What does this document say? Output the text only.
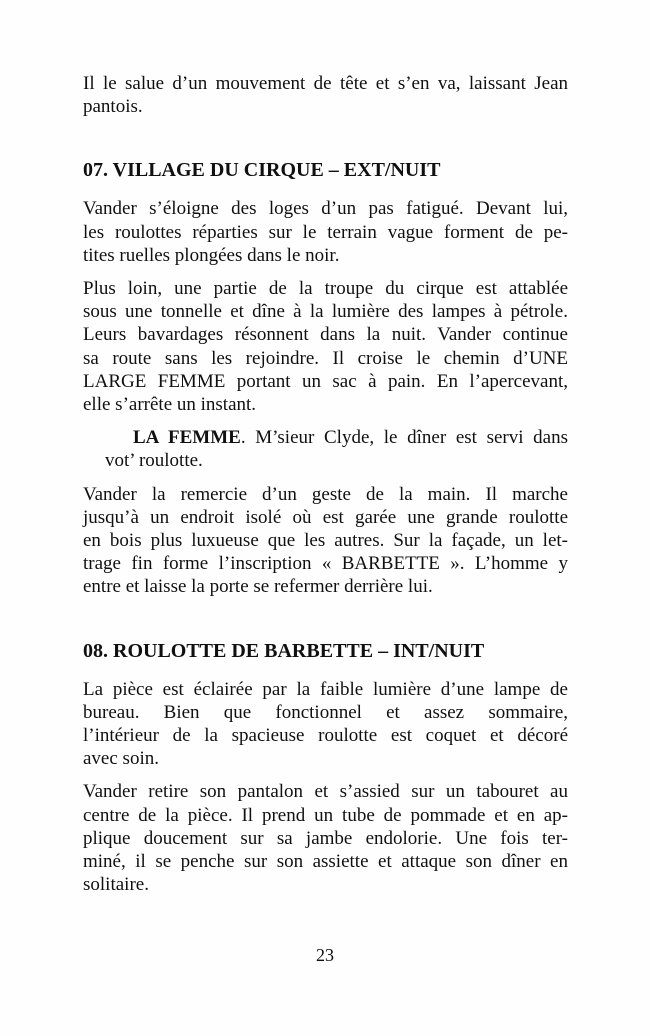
Il le salue d’un mouvement de tête et s’en va, laissant Jean
pantois.
07. VILLAGE DU CIRQUE – EXT/NUIT
Vander s’éloigne des loges d’un pas fatigué. Devant lui,
les roulottes réparties sur le terrain vague forment de pe-
tites ruelles plongées dans le noir.
Plus loin, une partie de la troupe du cirque est attablée
sous une tonnelle et dîne à la lumière des lampes à pétrole.
Leurs bavardages résonnent dans la nuit. Vander continue
sa route sans les rejoindre. Il croise le chemin d’UNE
LARGE FEMME portant un sac à pain. En l’apercevant,
elle s’arrête un instant.
LA FEMME. M’sieur Clyde, le dîner est servi dans
vot’ roulotte.
Vander la remercie d’un geste de la main. Il marche
jusqu’à un endroit isolé où est garée une grande roulotte
en bois plus luxueuse que les autres. Sur la façade, un let-
trage fin forme l’inscription « BARBETTE ». L’homme y
entre et laisse la porte se refermer derrière lui.
08. ROULOTTE DE BARBETTE – INT/NUIT
La pièce est éclairée par la faible lumière d’une lampe de
bureau. Bien que fonctionnel et assez sommaire,
l’intérieur de la spacieuse roulotte est coquet et décoré
avec soin.
Vander retire son pantalon et s’assied sur un tabouret au
centre de la pièce. Il prend un tube de pommade et en ap-
plique doucement sur sa jambe endolorie. Une fois ter-
miné, il se penche sur son assiette et attaque son dîner en
solitaire.
23
